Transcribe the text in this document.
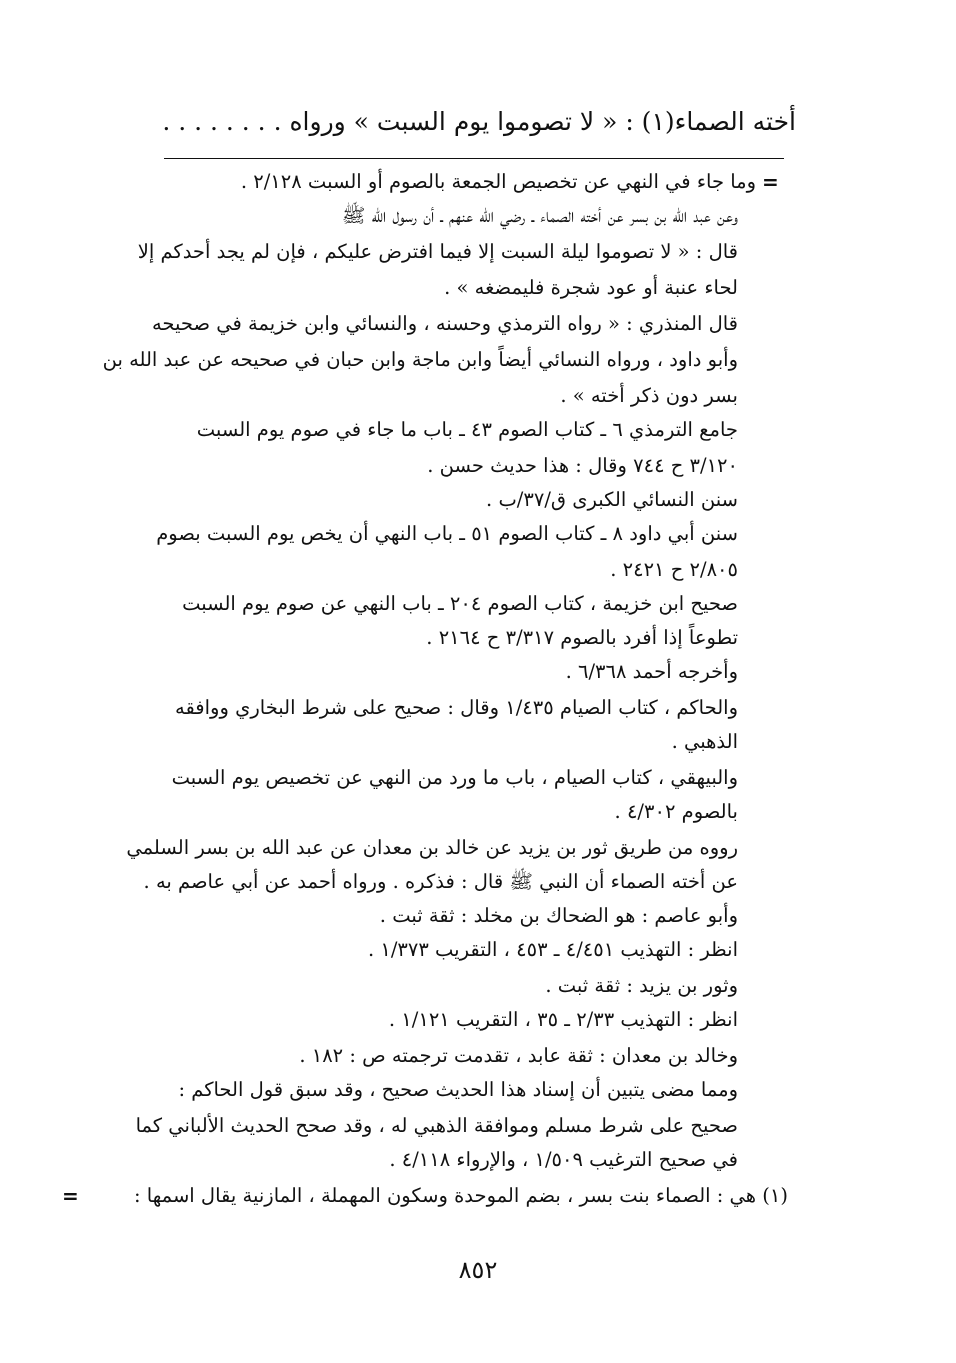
أخته الصماء(١) : « لا تصوموا يوم السبت » ورواه . . . . . . . .
=
وما جاء في النهي عن تخصيص الجمعة بالصوم أو السبت ٢/١٢٨ .
وعن عبد الله بن بسر عن أخته الصماء ـ رضي الله عنهم ـ أن رسول الله ﷺ
قال : « لا تصوموا ليلة السبت إلا فيما افترض عليكم ، فإن لم يجد أحدكم إلا
لحاء عنبة أو عود شجرة فليمضغه » .
قال المنذري : « رواه الترمذي وحسنه ، والنسائي وابن خزيمة في صحيحه
وأبو داود ، ورواه النسائي أيضاً وابن ماجة وابن حبان في صحيحه عن عبد الله بن
بسر دون ذكر أخته » .
جامع الترمذي ٦ ـ كتاب الصوم ٤٣ ـ باب ما جاء في صوم يوم السبت
٣/١٢٠ ح ٧٤٤ وقال : هذا حديث حسن .
سنن النسائي الكبرى ق/٣٧/ب .
سنن أبي داود ٨ ـ كتاب الصوم ٥١ ـ باب النهي أن يخص يوم السبت بصوم
٢/٨٠٥ ح ٢٤٢١ .
صحيح ابن خزيمة ، كتاب الصوم ٢٠٤ ـ باب النهي عن صوم يوم السبت
تطوعاً إذا أفرد بالصوم ٣/٣١٧ ح ٢١٦٤ .
وأخرجه أحمد ٦/٣٦٨ .
والحاكم ، كتاب الصيام ١/٤٣٥ وقال : صحيح على شرط البخاري ووافقه
الذهبي .
والبيهقي ، كتاب الصيام ، باب ما ورد من النهي عن تخصيص يوم السبت
بالصوم ٤/٣٠٢ .
رووه من طريق ثور بن يزيد عن خالد بن معدان عن عبد الله بن بسر السلمي
عن أخته الصماء أن النبي ﷺ قال : فذكره . ورواه أحمد عن أبي عاصم به .
وأبو عاصم : هو الضحاك بن مخلد : ثقة ثبت .
انظر : التهذيب ٤/٤٥١ ـ ٤٥٣ ، التقريب ١/٣٧٣ .
وثور بن يزيد : ثقة ثبت .
انظر : التهذيب ٢/٣٣ ـ ٣٥ ، التقريب ١/١٢١ .
وخالد بن معدان : ثقة عابد ، تقدمت ترجمته ص : ١٨٢ .
ومما مضى يتبين أن إسناد هذا الحديث صحيح ، وقد سبق قول الحاكم :
صحيح على شرط مسلم وموافقة الذهبي له ، وقد صحح الحديث الألباني كما
في صحيح الترغيب ١/٥٠٩ ، والإرواء ٤/١١٨ .
(١) هي : الصماء بنت بسر ، بضم الموحدة وسكون المهملة ، المازنية يقال اسمها :
=
٨٥٢
